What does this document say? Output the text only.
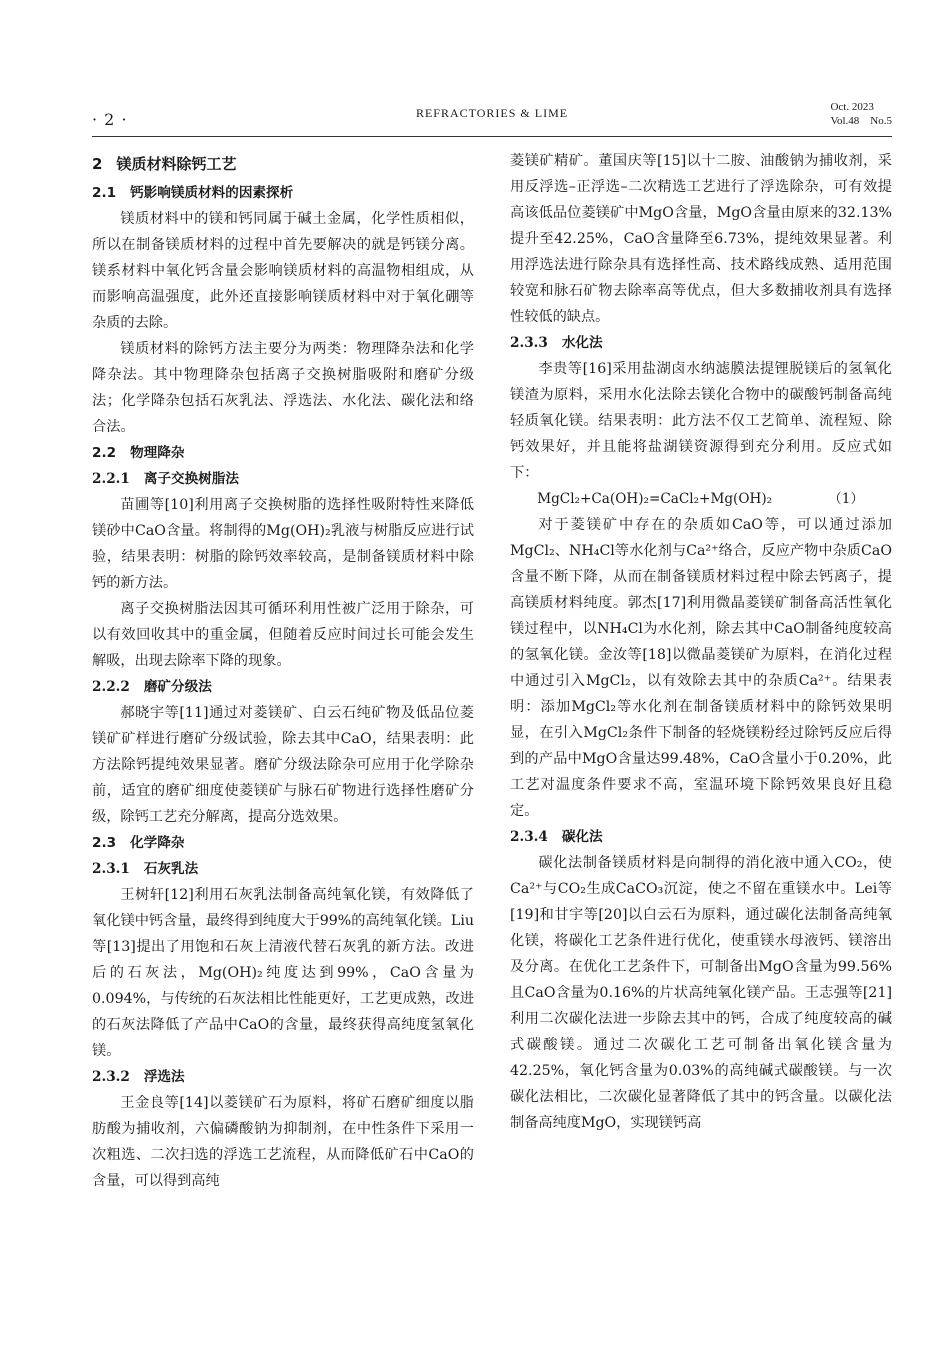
· 2 ·	REFRACTORIES & LIME	Oct. 2023
Vol.48　No.5
2 镁质材料除钙工艺
2.1 钙影响镁质材料的因素探析

镁质材料中的镁和钙同属于碱土金属，化学性质相似，所以在制备镁质材料的过程中首先要解决的就是钙镁分离。镁系材料中氧化钙含量会影响镁质材料的高温物相组成，从而影响高温强度，此外还直接影响镁质材料中对于氧化硼等杂质的去除。

镁质材料的除钙方法主要分为两类：物理降杂法和化学降杂法。其中物理降杂包括离子交换树脂吸附和磨矿分级法；化学降杂包括石灰乳法、浮选法、水化法、碳化法和络合法。

2.2 物理降杂
2.2.1 离子交换树脂法

苗圃等[10]利用离子交换树脂的选择性吸附特性来降低镁砂中CaO含量。将制得的Mg(OH)₂乳液与树脂反应进行试验，结果表明：树脂的除钙效率较高，是制备镁质材料中除钙的新方法。

离子交换树脂法因其可循环利用性被广泛用于除杂，可以有效回收其中的重金属，但随着反应时间过长可能会发生解吸，出现去除率下降的现象。

2.2.2 磨矿分级法

郝晓宇等[11]通过对菱镁矿、白云石纯矿物及低品位菱镁矿矿样进行磨矿分级试验，除去其中CaO，结果表明：此方法除钙提纯效果显著。磨矿分级法除杂可应用于化学除杂前，适宜的磨矿细度使菱镁矿与脉石矿物进行选择性磨矿分级，除钙工艺充分解离，提高分选效果。

2.3 化学降杂
2.3.1 石灰乳法

王树轩[12]利用石灰乳法制备高纯氧化镁，有效降低了氧化镁中钙含量，最终得到纯度大于99%的高纯氧化镁。Liu等[13]提出了用饱和石灰上清液代替石灰乳的新方法。改进后的石灰法，Mg(OH)₂纯度达到99%，CaO含量为0.094%，与传统的石灰法相比性能更好，工艺更成熟，改进的石灰法降低了产品中CaO的含量，最终获得高纯度氢氧化镁。

2.3.2 浮选法

王金良等[14]以菱镁矿石为原料，将矿石磨矿细度以脂肪酸为捕收剂，六偏磷酸钠为抑制剂，在中性条件下采用一次粗选、二次扫选的浮选工艺流程，从而降低矿石中CaO的含量，可以得到高纯

菱镁矿精矿。董国庆等[15]以十二胺、油酸钠为捕收剂，采用反浮选–正浮选–二次精选工艺进行了浮选除杂，可有效提高该低品位菱镁矿中MgO含量，MgO含量由原来的32.13%提升至42.25%，CaO含量降至6.73%，提纯效果显著。利用浮选法进行除杂具有选择性高、技术路线成熟、适用范围较宽和脉石矿物去除率高等优点，但大多数捕收剂具有选择性较低的缺点。

2.3.3 水化法

李贵等[16]采用盐湖卤水纳滤膜法提锂脱镁后的氢氧化镁渣为原料，采用水化法除去镁化合物中的碳酸钙制备高纯轻质氧化镁。结果表明：此方法不仅工艺简单、流程短、除钙效果好，并且能将盐湖镁资源得到充分利用。反应式如下：

MgCl₂+Ca(OH)₂=CaCl₂+Mg(OH)₂	（1）

对于菱镁矿中存在的杂质如CaO等，可以通过添加MgCl₂、NH₄Cl等水化剂与Ca²⁺络合，反应产物中杂质CaO含量不断下降，从而在制备镁质材料过程中除去钙离子，提高镁质材料纯度。郭杰[17]利用微晶菱镁矿制备高活性氧化镁过程中，以NH₄Cl为水化剂，除去其中CaO制备纯度较高的氢氧化镁。金汝等[18]以微晶菱镁矿为原料，在消化过程中通过引入MgCl₂，以有效除去其中的杂质Ca²⁺。结果表明：添加MgCl₂等水化剂在制备镁质材料中的除钙效果明显，在引入MgCl₂条件下制备的轻烧镁粉经过除钙反应后得到的产品中MgO含量达99.48%，CaO含量小于0.20%，此工艺对温度条件要求不高，室温环境下除钙效果良好且稳定。

2.3.4 碳化法

碳化法制备镁质材料是向制得的消化液中通入CO₂，使Ca²⁺与CO₂生成CaCO₃沉淀，使之不留在重镁水中。Lei等[19]和甘宇等[20]以白云石为原料，通过碳化法制备高纯氧化镁，将碳化工艺条件进行优化，使重镁水母液钙、镁溶出及分离。在优化工艺条件下，可制备出MgO含量为99.56%且CaO含量为0.16%的片状高纯氧化镁产品。王志强等[21]利用二次碳化法进一步除去其中的钙，合成了纯度较高的碱式碳酸镁。通过二次碳化工艺可制备出氧化镁含量为42.25%，氧化钙含量为0.03%的高纯碱式碳酸镁。与一次碳化法相比，二次碳化显著降低了其中的钙含量。以碳化法制备高纯度MgO，实现镁钙高
